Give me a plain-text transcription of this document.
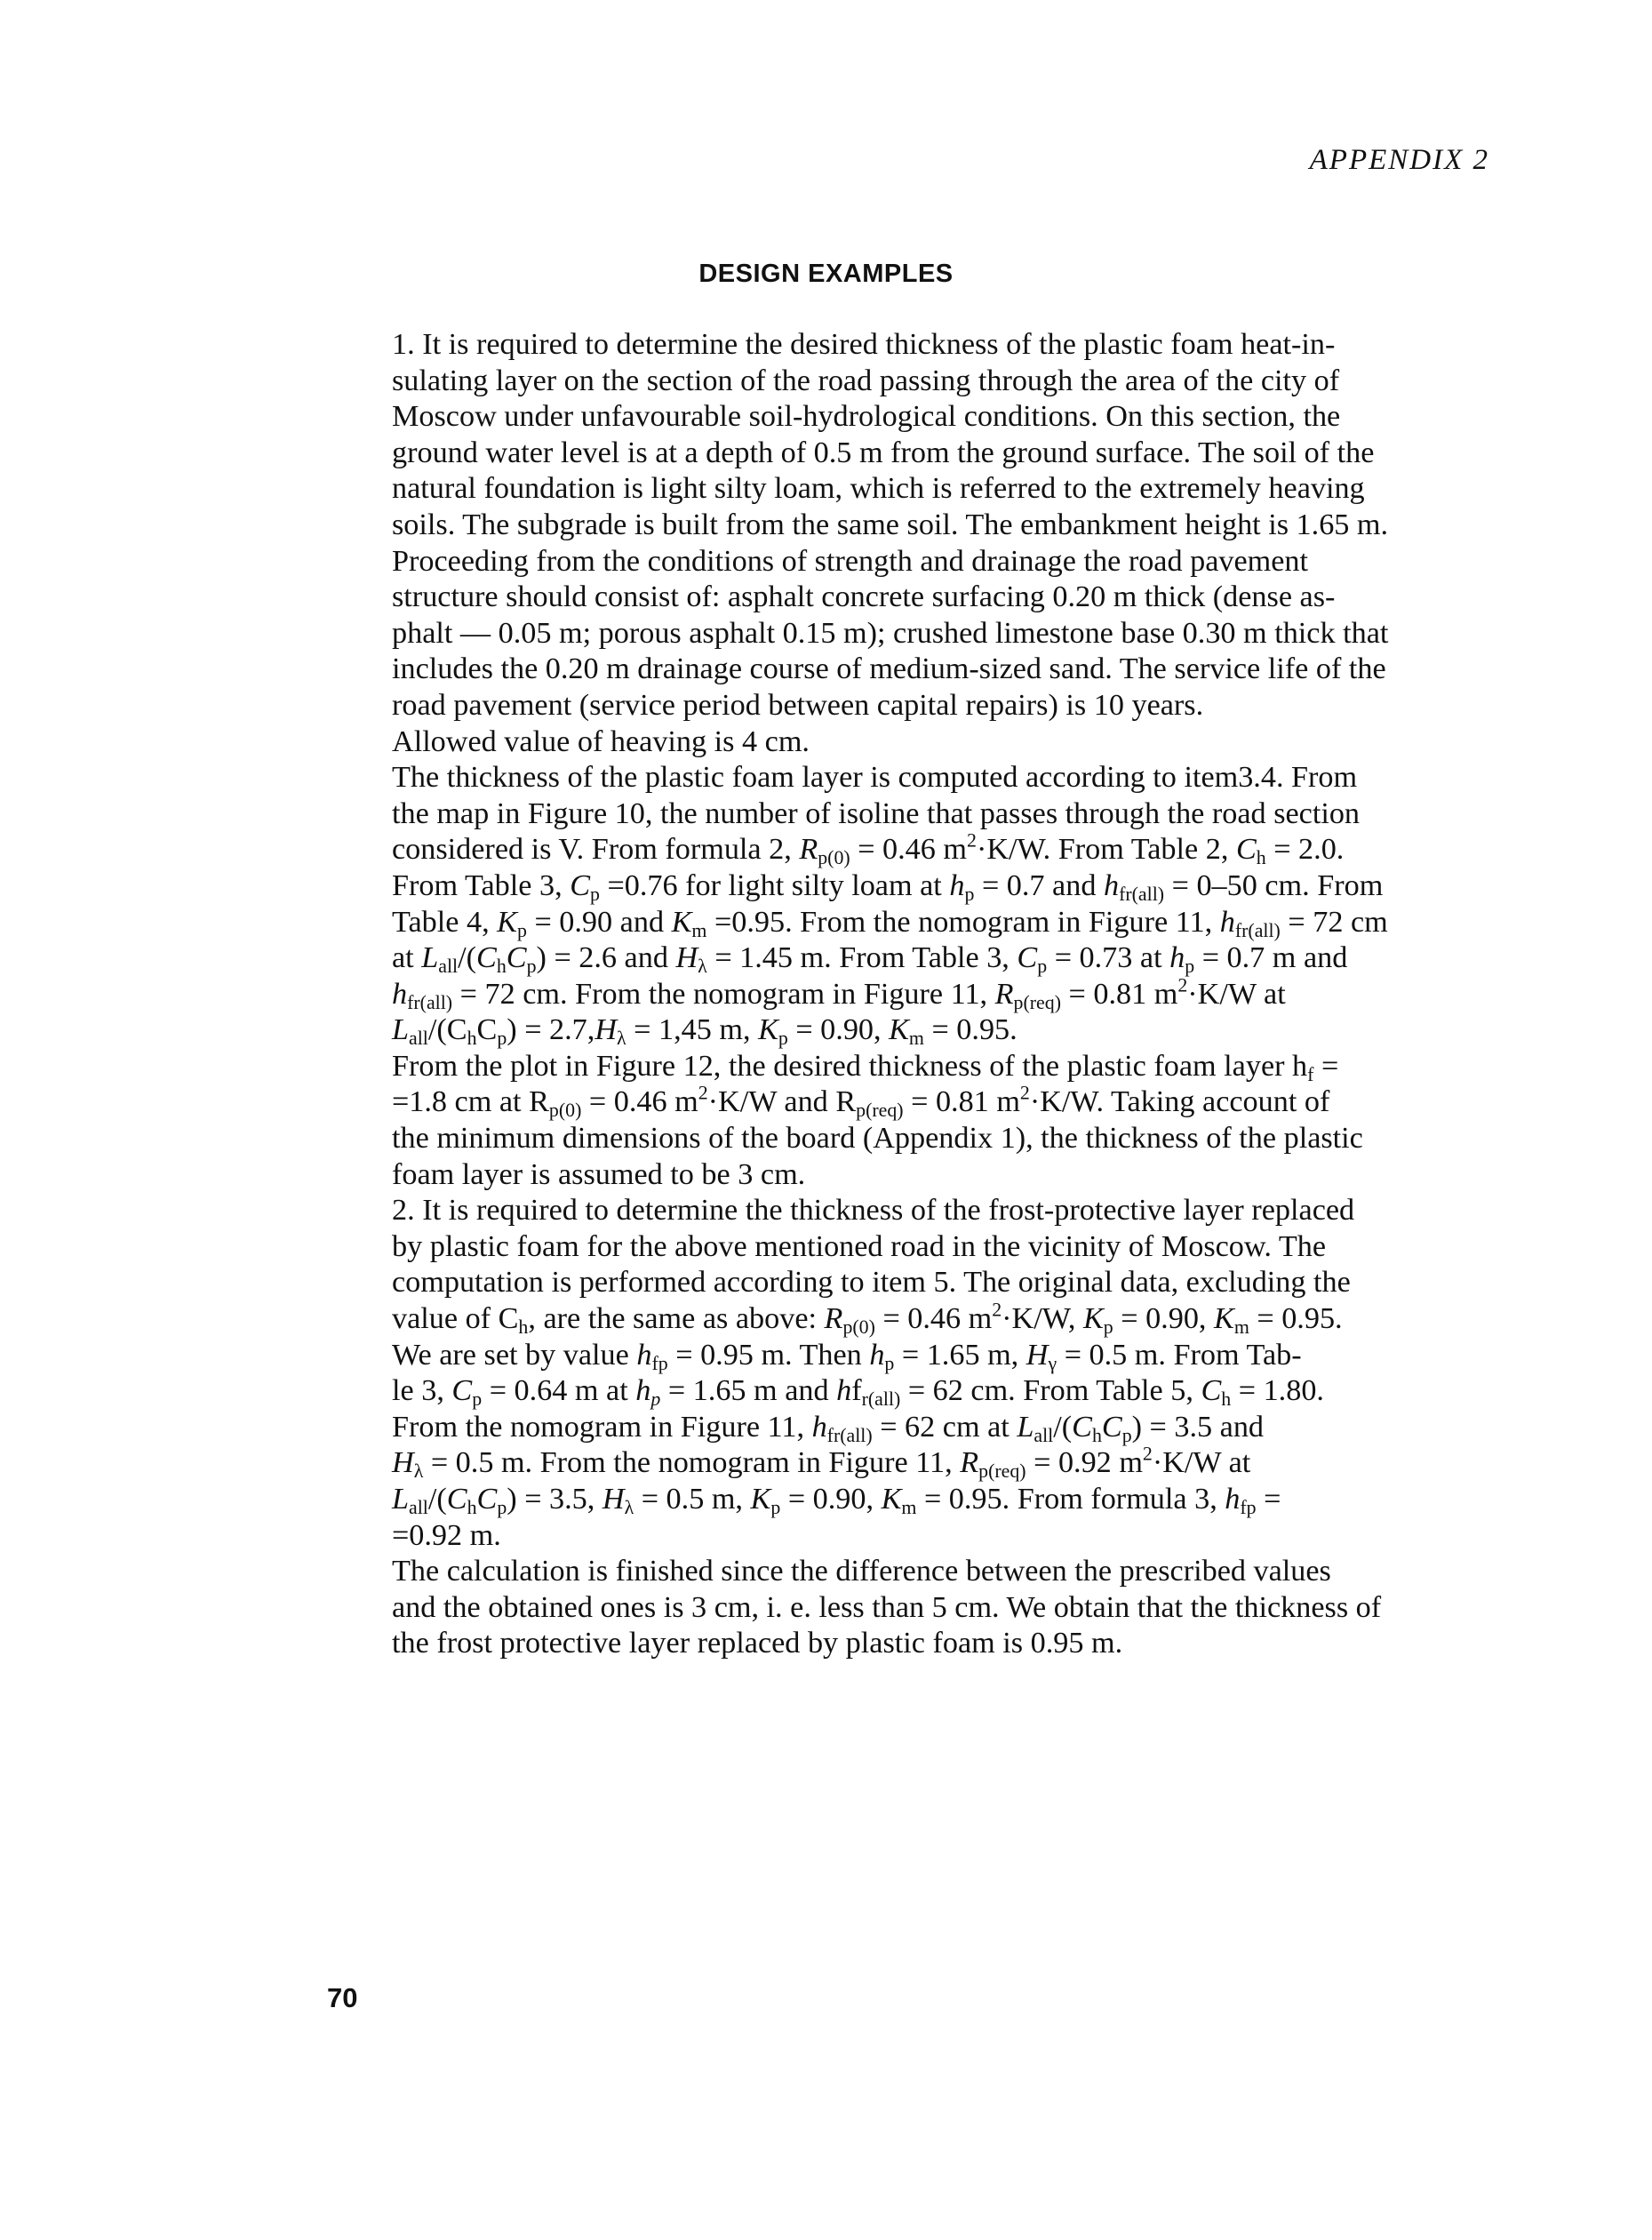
APPENDIX 2
DESIGN EXAMPLES

1. It is required to determine the desired thickness of the plastic foam heat-in-
sulating layer on the section of the road passing through the area of the city of
Moscow under unfavourable soil-hydrological conditions. On this section, the
ground water level is at a depth of 0.5 m from the ground surface. The soil of the
natural foundation is light silty loam, which is referred to the extremely heaving
soils. The subgrade is built from the same soil. The embankment height is 1.65 m.

Proceeding from the conditions of strength and drainage the road pavement
structure should consist of: asphalt concrete surfacing 0.20 m thick (dense as-
phalt — 0.05 m; porous asphalt 0.15 m); crushed limestone base 0.30 m thick that
includes the 0.20 m drainage course of medium-sized sand. The service life of the
road pavement (service period between capital repairs) is 10 years.

Allowed value of heaving is 4 cm.

The thickness of the plastic foam layer is computed according to item3.4. From
the map in Figure 10, the number of isoline that passes through the road section
considered is V. From formula 2, $R_{p(0)} = 0.46$ $m^2\cdot K/W$. From Table 2, $C_h = 2.0$.
From Table 3, $C_p =0.76$ for light silty loam at $h_p = 0.7$ and $h_{fr(all)} = 0-50$ cm. From
Table 4, $K_p = 0.90$ and $K_m =0.95$. From the nomogram in Figure 11, $h_{fr(all)} = 72$ cm
at $L_{all}/(C_hC_p) = 2.6$ and $H_\lambda = 1.45$ m. From Table 3, $C_p = 0.73$ at $h_p = 0.7$ m and
$h_{fr(all)} = 72$ cm. From the nomogram in Figure 11, $R_{p(req)} = 0.81$ $m^2\cdot K/W$ at
$L_{all}/(C_hC_p) = 2.7,H_\lambda = 1,45$ m, $K_p = 0.90$, $K_m = 0.95$.

From the plot in Figure 12, the desired thickness of the plastic foam layer $h_f$ =
=1.8 cm at $R_{p(0)} = 0.46$ $m^2\cdot K/W$ and $R_{p(req)} = 0.81$ $m^2\cdot K/W$. Taking account of
the minimum dimensions of the board (Appendix 1), the thickness of the plastic
foam layer is assumed to be 3 cm.

2. It is required to determine the thickness of the frost-protective layer replaced
by plastic foam for the above mentioned road in the vicinity of Moscow. The
computation is performed according to item 5. The original data, excluding the
value of $C_h$, are the same as above: $R_{p(0)} = 0.46$ $m^2\cdot K/W$, $K_p = 0.90$, $K_m = 0.95$.
We are set by value $h_{fp} = 0.95$ m. Then $h_p = 1.65$ m, $H_\gamma = 0.5$ m. From Tab-
le 3, $C_p = 0.64$ m at $h_p = 1.65$ m and $hf_{r(all)} = 62$ cm. From Table 5, $C_h = 1.80$.
From the nomogram in Figure 11, $h_{fr(all)} = 62$ cm at $L_{all}/(C_hC_p) = 3.5$ and
$H_\lambda = 0.5$ m. From the nomogram in Figure 11, $R_{p(req)} = 0.92$ $m^2\cdot K/W$ at
$L_{all}/(C_hC_p) = 3.5$, $H_\lambda = 0.5$ m, $K_p = 0.90$, $K_m = 0.95$. From formula 3, $h_{fp}$ =
=0.92 m.

The calculation is finished since the difference between the prescribed values
and the obtained ones is 3 cm, i. e. less than 5 cm. We obtain that the thickness of
the frost protective layer replaced by plastic foam is 0.95 m.

70
